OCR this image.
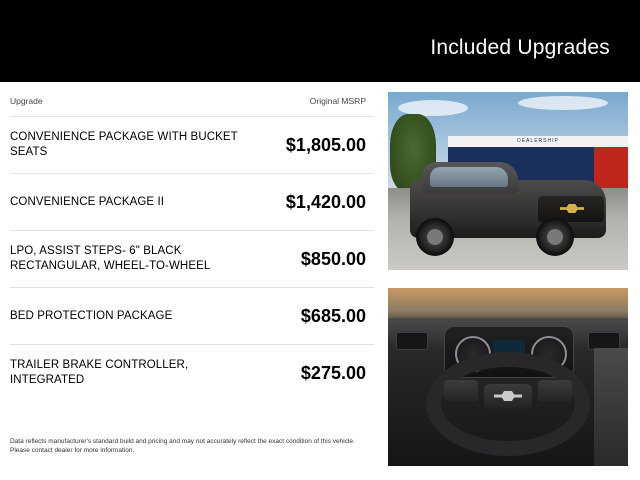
Included Upgrades
Upgrade	Original MSRP
CONVENIENCE PACKAGE WITH BUCKET SEATS	$1,805.00
CONVENIENCE PACKAGE II	$1,420.00
LPO, ASSIST STEPS- 6" BLACK RECTANGULAR, WHEEL-TO-WHEEL	$850.00
BED PROTECTION PACKAGE	$685.00
TRAILER BRAKE CONTROLLER, INTEGRATED	$275.00
Data reflects manufacturer's standard build and pricing and may not accurately reflect the exact condition of this vehicle. Please contact dealer for more information.
DEALERSHIP
